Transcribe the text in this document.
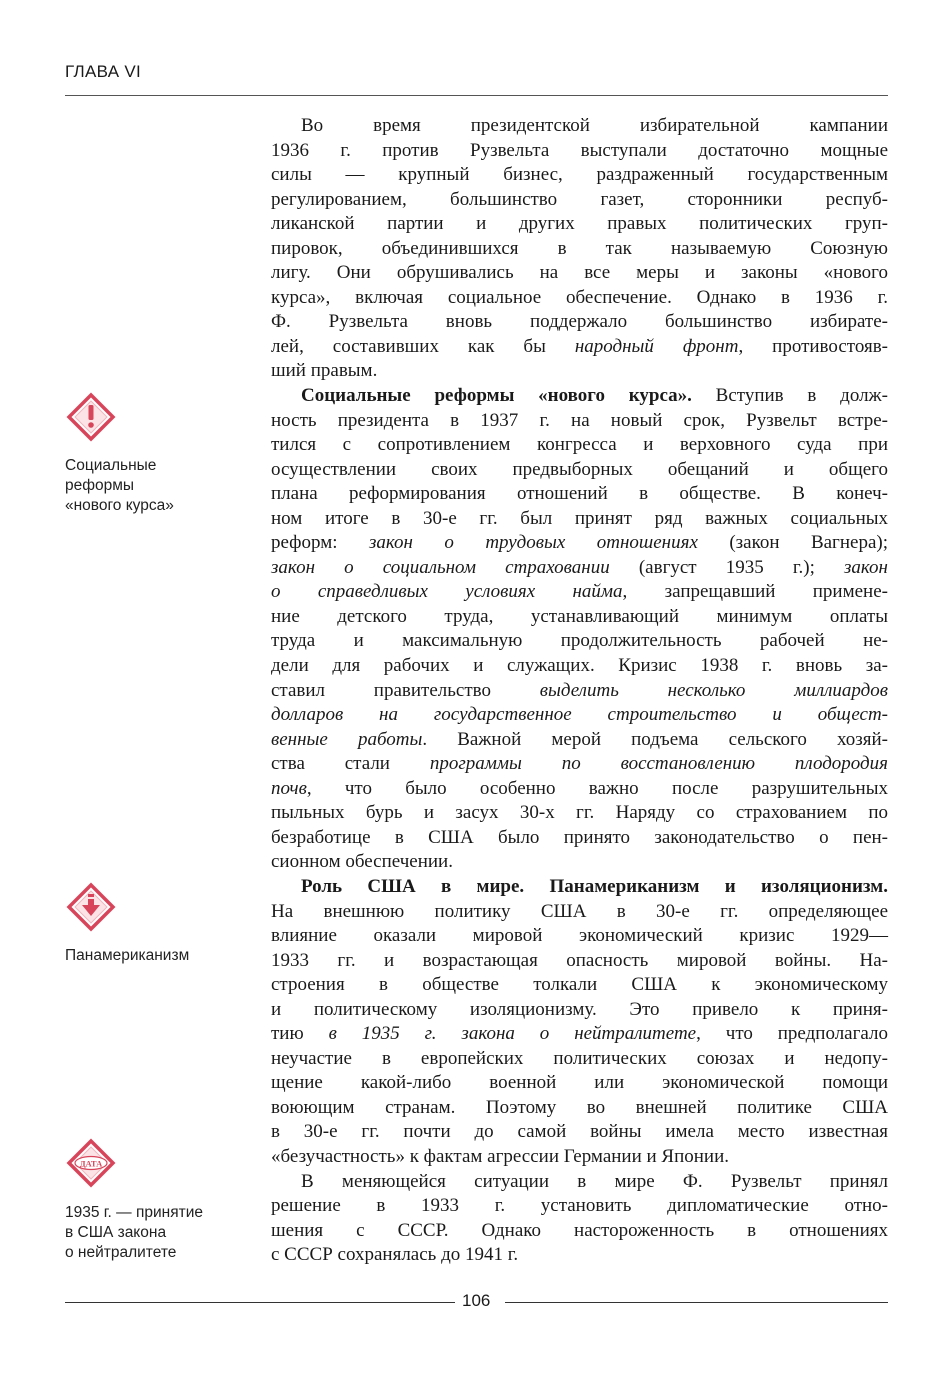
ГЛАВА VI
Социальные
реформы
«нового курса»
Панамериканизм
ДАТА
1935 г. — принятие
в США закона
о нейтралитете
Во время президентской избирательной кампании
1936 г. против Рузвельта выступали достаточно мощные
силы — крупный бизнес, раздраженный государственным
регулированием, большинство газет, сторонники респуб-
ликанской партии и других правых политических груп-
пировок, объединившихся в так называемую Союзную
лигу. Они обрушивались на все меры и законы «нового
курса», включая социальное обеспечение. Однако в 1936 г.
Ф. Рузвельта вновь поддержало большинство избирате-
лей, составивших как бы народный фронт, противостояв-
ший правым.
Социальные реформы «нового курса». Вступив в долж-
ность президента в 1937 г. на новый срок, Рузвельт встре-
тился с сопротивлением конгресса и верховного суда при
осуществлении своих предвыборных обещаний и общего
плана реформирования отношений в обществе. В конеч-
ном итоге в 30-е гг. был принят ряд важных социальных
реформ: закон о трудовых отношениях (закон Вагнера);
закон о социальном страховании (август 1935 г.); закон
о справедливых условиях найма, запрещавший примене-
ние детского труда, устанавливающий минимум оплаты
труда и максимальную продолжительность рабочей не-
дели для рабочих и служащих. Кризис 1938 г. вновь за-
ставил правительство выделить несколько миллиардов
долларов на государственное строительство и общест-
венные работы. Важной мерой подъема сельского хозяй-
ства стали программы по восстановлению плодородия
почв, что было особенно важно после разрушительных
пыльных бурь и засух 30-х гг. Наряду со страхованием по
безработице в США было принято законодательство о пен-
сионном обеспечении.
Роль США в мире. Панамериканизм и изоляционизм.
На внешнюю политику США в 30-е гг. определяющее
влияние оказали мировой экономический кризис 1929—
1933 гг. и возрастающая опасность мировой войны. На-
строения в обществе толкали США к экономическому
и политическому изоляционизму. Это привело к приня-
тию в 1935 г. закона о нейтралитете, что предполагало
неучастие в европейских политических союзах и недопу-
щение какой-либо военной или экономической помощи
воюющим странам. Поэтому во внешней политике США
в 30-е гг. почти до самой войны имела место известная
«безучастность» к фактам агрессии Германии и Японии.
В меняющейся ситуации в мире Ф. Рузвельт принял
решение в 1933 г. установить дипломатические отно-
шения с СССР. Однако настороженность в отношениях
с СССР сохранялась до 1941 г.
106
